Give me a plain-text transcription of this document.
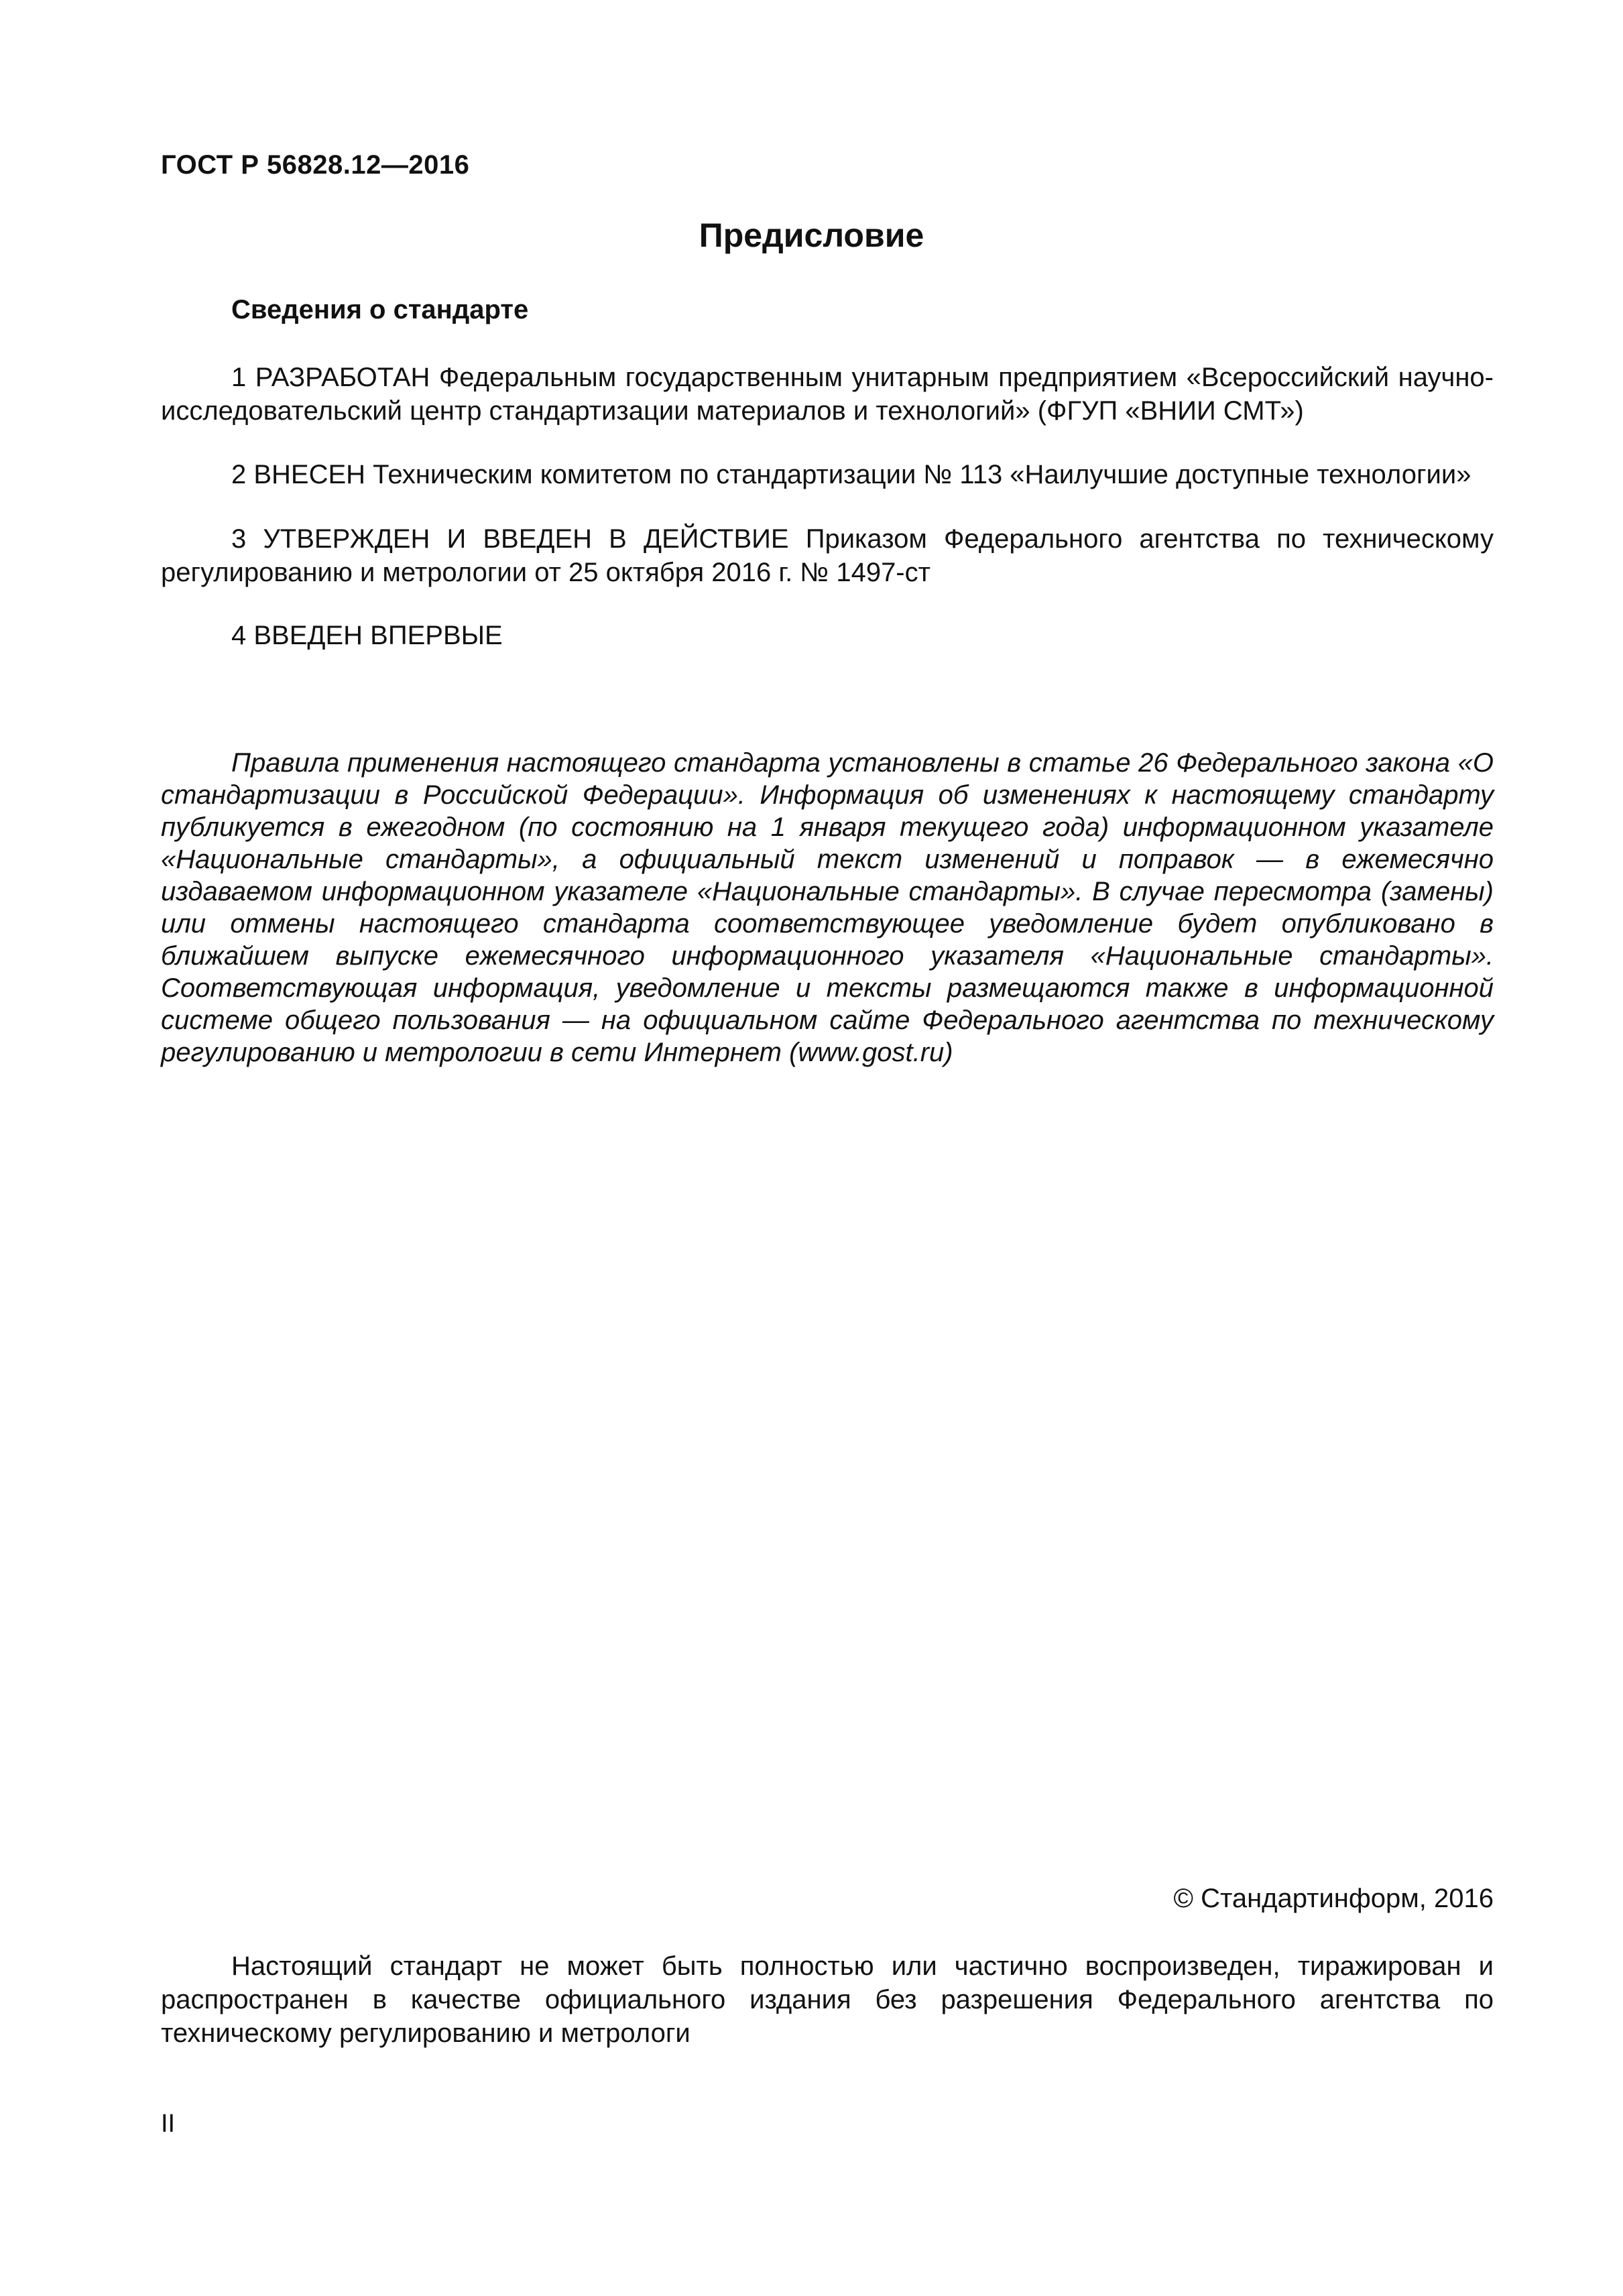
ГОСТ Р 56828.12—2016

Предисловие

Сведения о стандарте

1 РАЗРАБОТАН Федеральным государственным унитарным предприятием «Всероссийский научно-исследовательский центр стандартизации материалов и технологий» (ФГУП «ВНИИ СМТ»)

2 ВНЕСЕН Техническим комитетом по стандартизации № 113 «Наилучшие доступные технологии»

3 УТВЕРЖДЕН И ВВЕДЕН В ДЕЙСТВИЕ Приказом Федерального агентства по техническому регулированию и метрологии от 25 октября 2016 г. № 1497-ст

4 ВВЕДЕН ВПЕРВЫЕ

Правила применения настоящего стандарта установлены в статье 26 Федерального закона «О стандартизации в Российской Федерации». Информация об изменениях к настоящему стандарту публикуется в ежегодном (по состоянию на 1 января текущего года) информационном указателе «Национальные стандарты», а официальный текст изменений и поправок — в ежемесячно издаваемом информационном указателе «Национальные стандарты». В случае пересмотра (замены) или отмены настоящего стандарта соответствующее уведомление будет опубликовано в ближайшем выпуске ежемесячного информационного указателя «Национальные стандарты». Соответствующая информация, уведомление и тексты размещаются также в информационной системе общего пользования — на официальном сайте Федерального агентства по техническому регулированию и метрологии в сети Интернет (www.gost.ru)

© Стандартинформ, 2016

Настоящий стандарт не может быть полностью или частично воспроизведен, тиражирован и распространен в качестве официального издания без разрешения Федерального агентства по техническому регулированию и метрологи

II
